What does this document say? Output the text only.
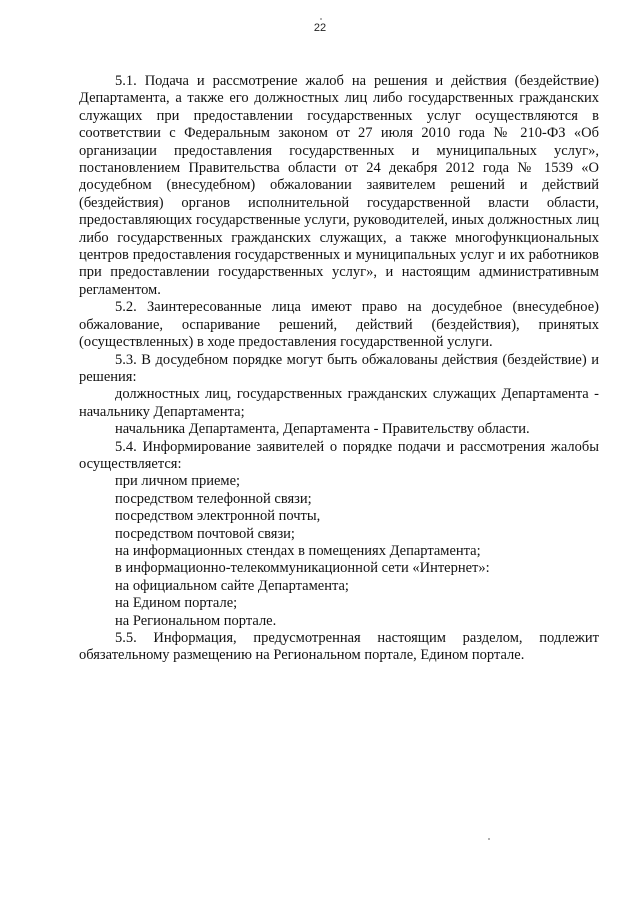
22

5.1. Подача и рассмотрение жалоб на решения и действия (бездействие) Департамента, а также его должностных лиц либо государственных гражданских служащих при предоставлении государственных услуг осуществляются в соответствии с Федеральным законом от 27 июля 2010 года № 210-ФЗ «Об организации предоставления государственных и муниципальных услуг», постановлением Правительства области от 24 декабря 2012 года № 1539 «О досудебном (внесудебном) обжаловании заявителем решений и действий (бездействия) органов исполнительной государственной власти области, предоставляющих государственные услуги, руководителей, иных должностных лиц либо государственных гражданских служащих, а также многофункциональных центров предоставления государственных и муниципальных услуг и их работников при предоставлении государственных услуг», и настоящим административным регламентом.

5.2. Заинтересованные лица имеют право на досудебное (внесудебное) обжалование, оспаривание решений, действий (бездействия), принятых (осуществленных) в ходе предоставления государственной услуги.

5.3. В досудебном порядке могут быть обжалованы действия (бездействие) и решения:

должностных лиц, государственных гражданских служащих Департамента - начальнику Департамента;

начальника Департамента, Департамента - Правительству области.

5.4. Информирование заявителей о порядке подачи и рассмотрения жалобы осуществляется:

при личном приеме;

посредством телефонной связи;

посредством электронной почты,

посредством почтовой связи;

на информационных стендах в помещениях Департамента;

в информационно-телекоммуникационной сети «Интернет»:

на официальном сайте Департамента;

на Едином портале;

на Региональном портале.

5.5. Информация, предусмотренная настоящим разделом, подлежит обязательному размещению на Региональном портале, Едином портале.
